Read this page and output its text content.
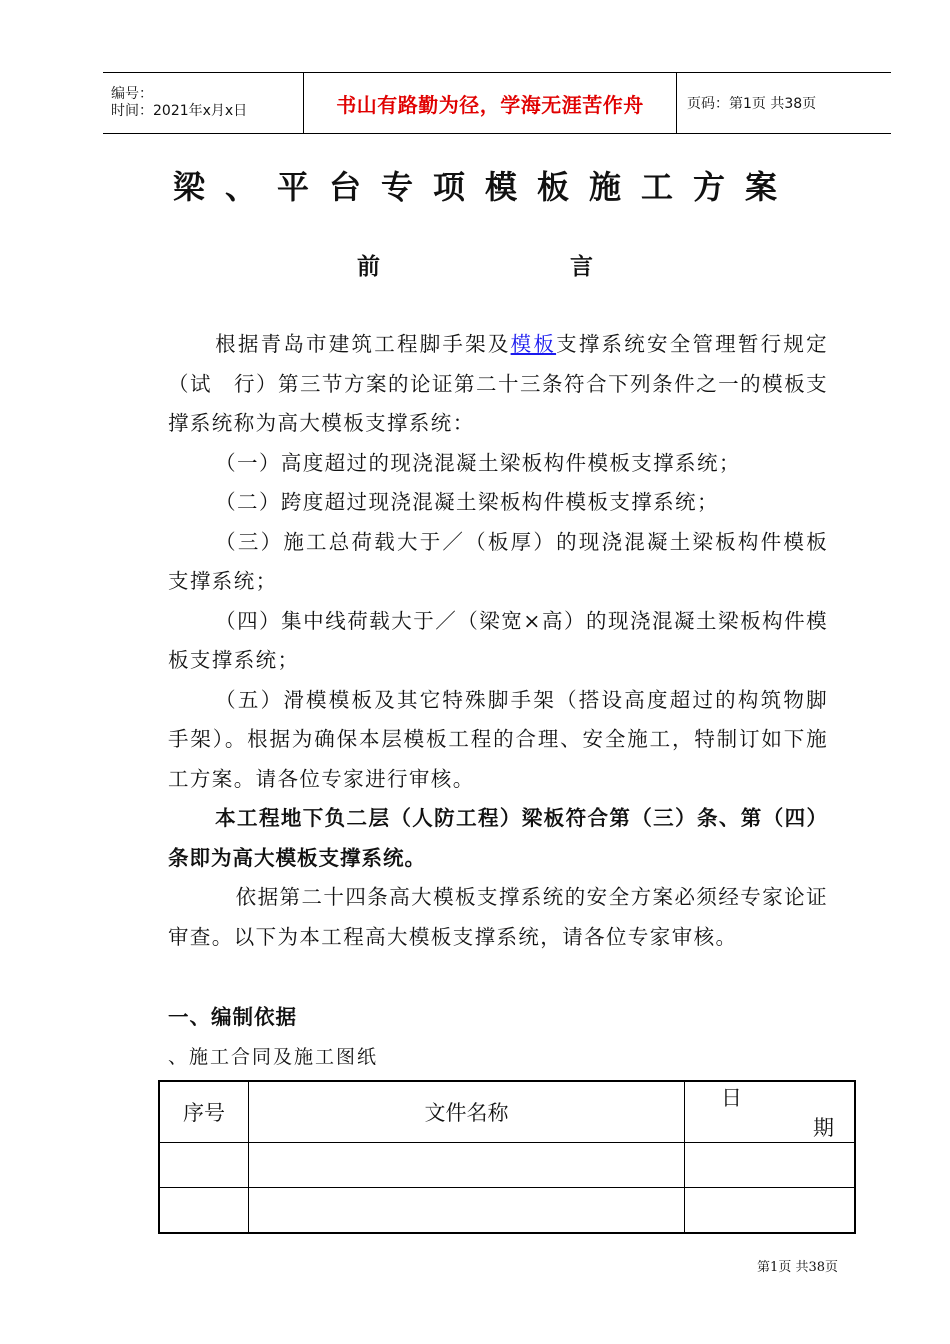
编号：
时间：2021年x月x日	书山有路勤为径，学海无涯苦作舟	页码：第1页 共38页
梁、平台专项模板施工方案
前	言

根据青岛市建筑工程脚手架及模板支撑系统安全管理暂行规定（试　行）第三节方案的论证第二十三条符合下列条件之一的模板支撑系统称为高大模板支撑系统：

（一）高度超过的现浇混凝土梁板构件模板支撑系统；

（二）跨度超过现浇混凝土梁板构件模板支撑系统；

（三）施工总荷载大于／（板厚）的现浇混凝土梁板构件模板支撑系统；

（四）集中线荷载大于／（梁宽×高）的现浇混凝土梁板构件模板支撑系统；

（五）滑模模板及其它特殊脚手架（搭设高度超过的构筑物脚手架）。根据为确保本层模板工程的合理、安全施工，特制订如下施工方案。请各位专家进行审核。

本工程地下负二层（人防工程）梁板符合第（三）条、第（四）条即为高大模板支撑系统。

依据第二十四条高大模板支撑系统的安全方案必须经专家论证审查。以下为本工程高大模板支撑系统，请各位专家审核。

一、编制依据
、施工合同及施工图纸
序号	文件名称	日期

第1页 共38页
